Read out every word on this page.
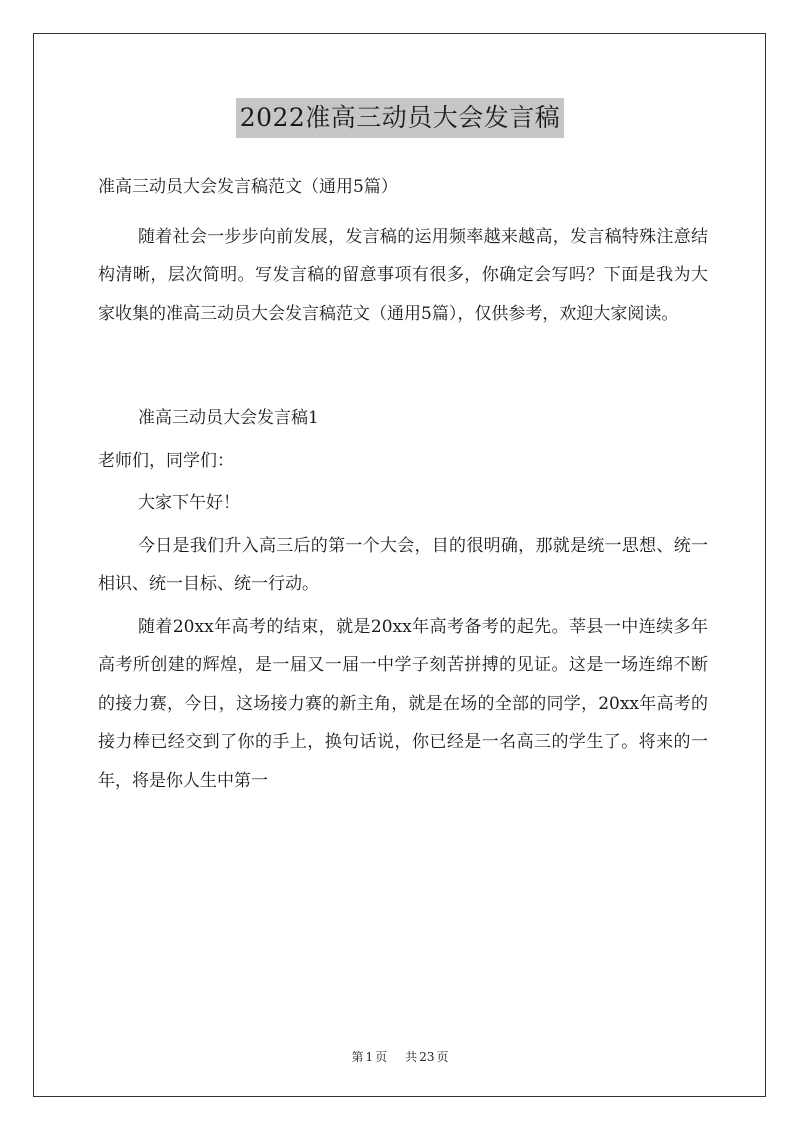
2022准高三动员大会发言稿

准高三动员大会发言稿范文（通用5篇）

随着社会一步步向前发展，发言稿的运用频率越来越高，发言稿特殊注意结构清晰，层次简明。写发言稿的留意事项有很多，你确定会写吗？下面是我为大家收集的准高三动员大会发言稿范文（通用5篇），仅供参考，欢迎大家阅读。

准高三动员大会发言稿1

老师们，同学们：

大家下午好！

今日是我们升入高三后的第一个大会，目的很明确，那就是统一思想、统一相识、统一目标、统一行动。

随着20xx年高考的结束，就是20xx年高考备考的起先。莘县一中连续多年高考所创建的辉煌，是一届又一届一中学子刻苦拼搏的见证。这是一场连绵不断的接力赛，今日，这场接力赛的新主角，就是在场的全部的同学，20xx年高考的接力棒已经交到了你的手上，换句话说，你已经是一名高三的学生了。将来的一年，将是你人生中第一

第 1 页 共 23 页
